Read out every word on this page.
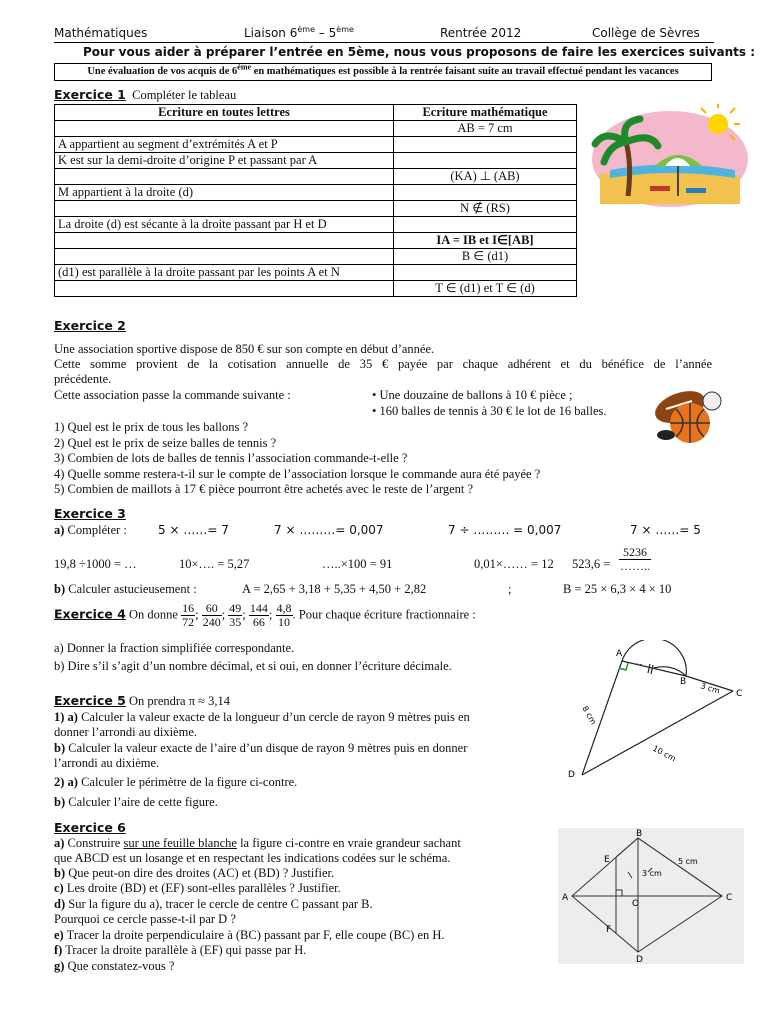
Mathématiques	Liaison 6ème – 5ème	Rentrée 2012	Collège de Sèvres
Pour vous aider à préparer l’entrée en 5ème, nous vous proposons de faire les exercices suivants :
Une évaluation de vos acquis de 6ème en mathématiques est possible à la rentrée faisant suite au travail effectué pendant les vacances
Exercice 1 Compléter le tableau
Ecriture en toutes lettres	Ecriture mathématique
	AB = 7 cm
A appartient au segment d’extrémités A et P	
K est sur la demi-droite d’origine P et passant par A	
	(KA) ⊥ (AB)
M appartient à la droite (d)	
	N ∉ (RS)
La droite (d) est sécante à la droite passant par H et D	
	IA = IB et I∈[AB]
	B ∈ (d1)
(d1) est parallèle à la droite passant par les points A et N	
	T ∈ (d1) et T ∈ (d)
Exercice 2
Une association sportive dispose de 850 € sur son compte en début d’année.
Cette somme provient de la cotisation annuelle de 35 € payée par chaque adhérent et du bénéfice de l’année
précédente.
Cette association passe la commande suivante :	• Une douzaine de ballons à 10 € pièce ;
• 160 balles de tennis à 30 € le lot de 16 balles.
1) Quel est le prix de tous les ballons ?
2) Quel est le prix de seize balles de tennis ?
3) Combien de lots de balles de tennis l’association commande-t-elle ?
4) Quelle somme restera-t-il sur le compte de l’association lorsque le commande aura été payée ?
5) Combien de maillots à 17 € pièce pourront être achetés avec le reste de l’argent ?
Exercice 3
a) Compléter :	5 × ……= 7	7 × ………= 0,007	7 ÷ ……… = 0,007	7 × ……= 5
19,8 ÷1000 = …	10×…. = 5,27	…..×100 = 91	0,01×…… = 12 $523,6 = \frac{5236}{\dots\dots..}$
b) Calculer astucieusement :	A = 2,65 + 3,18 + 5,35 + 4,50 + 2,82	;	B = 25 × 6,3 × 4 × 10
Exercice 4 On donne $\frac{16}{72}$ ; $\frac{60}{240}$ ; $\frac{49}{35}$ ; $\frac{144}{66}$ ; $\frac{4,8}{10}$ . Pour chaque écriture fractionnaire :
a) Donner la fraction simplifiée correspondante.
b) Dire s’il s’agit d’un nombre décimal, et si oui, en donner l’écriture décimale.
Exercice 5 On prendra π ≈ 3,14
1) a) Calculer la valeur exacte de la longueur d’un cercle de rayon 9 mètres puis en
donner l’arrondi au dixième.
b) Calculer la valeur exacte de l’aire d’un disque de rayon 9 mètres puis en donner
l’arrondi au dixième.
2) a) Calculer le périmètre de la figure ci-contre.
b) Calculer l’aire de cette figure.
A
B
C
D
3 cm
8 cm
10 cm
Exercice 6
a) Construire sur une feuille blanche la figure ci-contre en vraie grandeur sachant
que ABCD est un losange et en respectant les indications codées sur le schéma.
b) Que peut-on dire des droites (AC) et (BD) ? Justifier.
c) Les droite (BD) et (EF) sont-elles parallèles ? Justifier.
d) Sur la figure du a), tracer le cercle de centre C passant par B.
Pourquoi ce cercle passe-t-il par D ?
e) Tracer la droite perpendiculaire à (BC) passant par F, elle coupe (BC) en H.
f) Tracer la droite parallèle à (EF) qui passe par H.
g) Que constatez-vous ?
A
B
C
D
E
F
O
5 cm
3 cm
